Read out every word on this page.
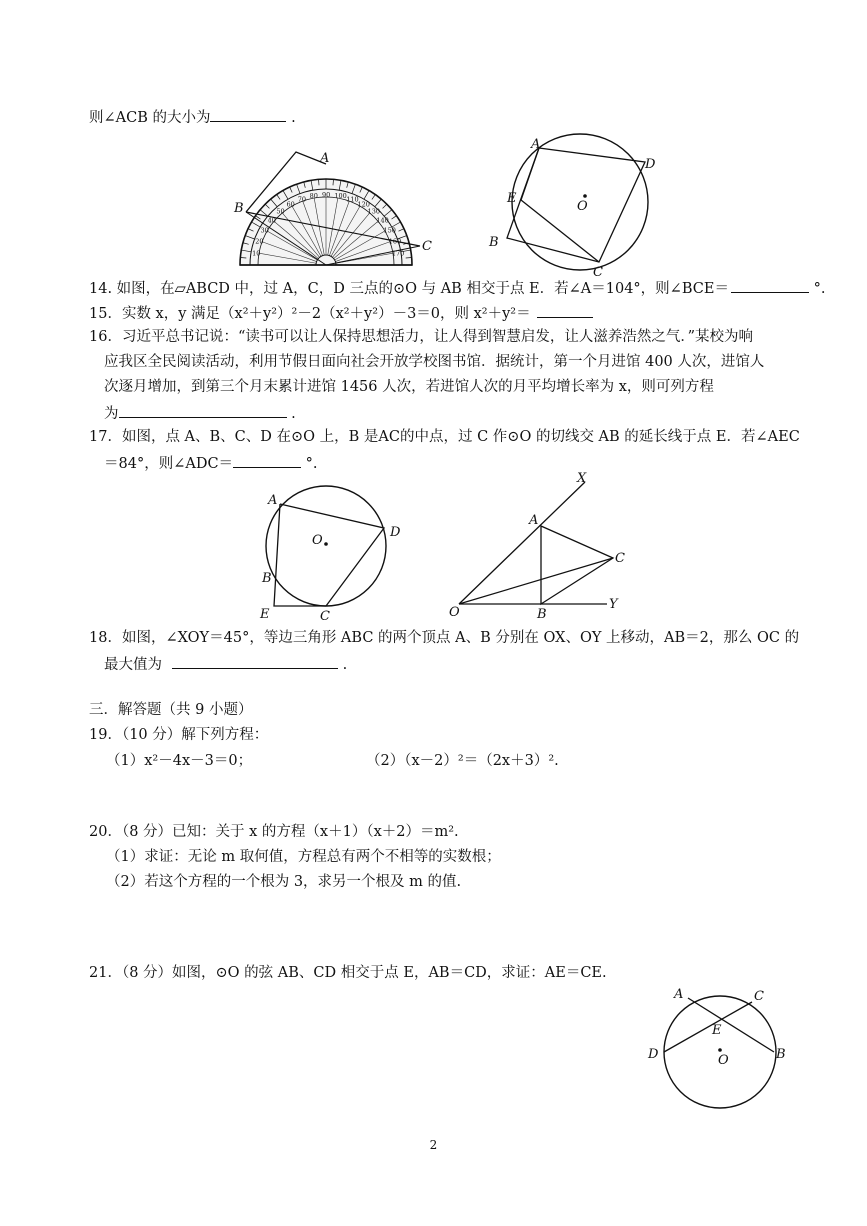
则∠ACB 的大小为	.
A
B
C
10
20
30
40
50
60
70 80 90 100 110
120
130
140
150
160
170
A
D
E
O
B
C
14. 如图，在▱ABCD 中，过 A，C，D 三点的⊙O 与 AB 相交于点 E．若∠A＝104°，则∠BCE＝	°.
15．实数 x，y 满足（x²＋y²）²－2（x²＋y²）－3＝0，则 x²＋y²＝
16．习近平总书记说：“读书可以让人保持思想活力，让人得到智慧启发，让人滋养浩然之气．”某校为响
应我区全民阅读活动，利用节假日面向社会开放学校图书馆．据统计，第一个月进馆 400 人次，进馆人
次逐月增加，到第三个月末累计进馆 1456 人次，若进馆人次的月平均增长率为 x，则可列方程
为	.
17．如图，点 A、B、C、D 在⊙O 上，B 是AC的中点，过 C 作⊙O 的切线交 AB 的延长线于点 E．若∠AEC
＝84°，则∠ADC＝	°.
A
O
D
B
E	C
X
A
C
O	B
Y
18．如图，∠XOY＝45°，等边三角形 ABC 的两个顶点 A、B 分别在 OX、OY 上移动，AB＝2，那么 OC 的
最大值为	.
三．解答题（共 9 小题）
19．（10 分）解下列方程：
（1）x²－4x－3＝0；	（2）（x－2）²＝（2x＋3）².
20．（8 分）已知：关于 x 的方程（x＋1）（x＋2）＝m².
（1）求证：无论 m 取何值，方程总有两个不相等的实数根；
（2）若这个方程的一个根为 3，求另一个根及 m 的值.
21．（8 分）如图，⊙O 的弦 AB、CD 相交于点 E，AB＝CD，求证：AE＝CE.
A	C
E
D	O	B
2
